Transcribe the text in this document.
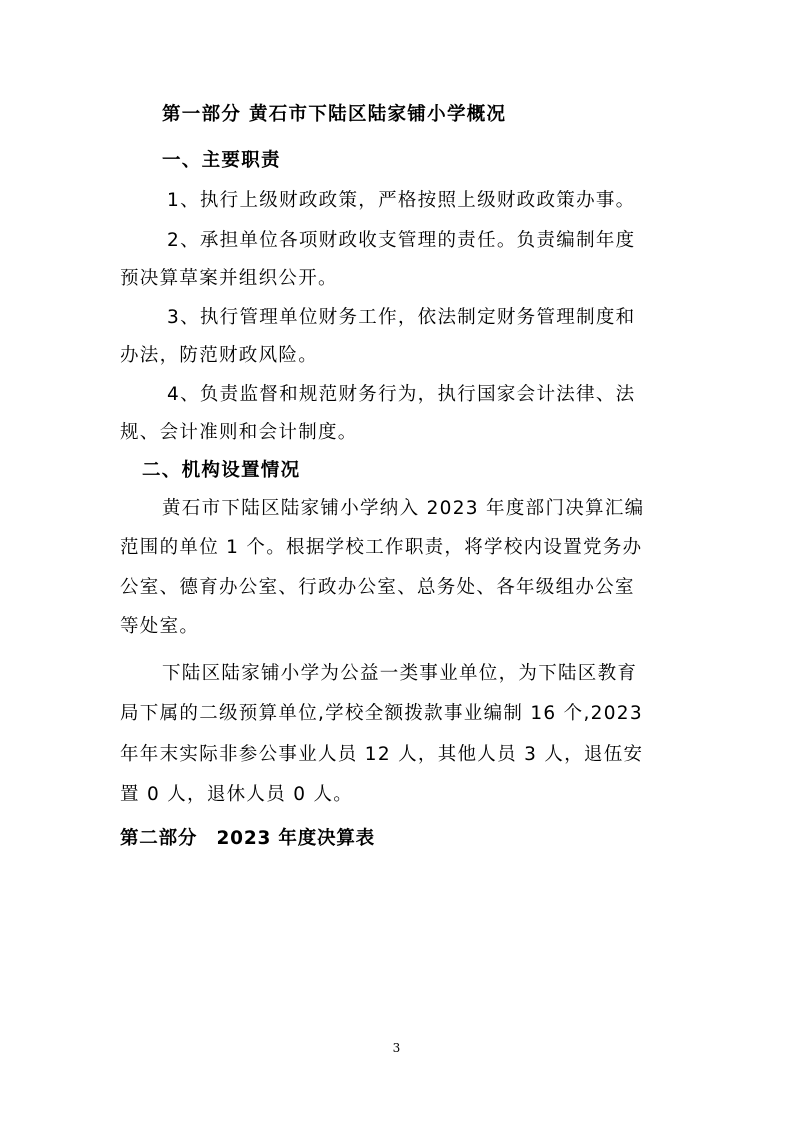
第一部分 黄石市下陆区陆家铺小学概况

一、主要职责

1、执行上级财政政策，严格按照上级财政政策办事。

2、承担单位各项财政收支管理的责任。负责编制年度

预决算草案并组织公开。

3、执行管理单位财务工作，依法制定财务管理制度和

办法，防范财政风险。

4、负责监督和规范财务行为，执行国家会计法律、法

规、会计准则和会计制度。

二、机构设置情况

黄石市下陆区陆家铺小学纳入 2023 年度部门决算汇编

范围的单位 1 个。根据学校工作职责，将学校内设置党务办

公室、德育办公室、行政办公室、总务处、各年级组办公室

等处室。

下陆区陆家铺小学为公益一类事业单位，为下陆区教育

局下属的二级预算单位,学校全额拨款事业编制 16 个,2023

年年末实际非参公事业人员 12 人，其他人员 3 人，退伍安

置 0 人，退休人员 0 人。

第二部分　2023 年度决算表

3
